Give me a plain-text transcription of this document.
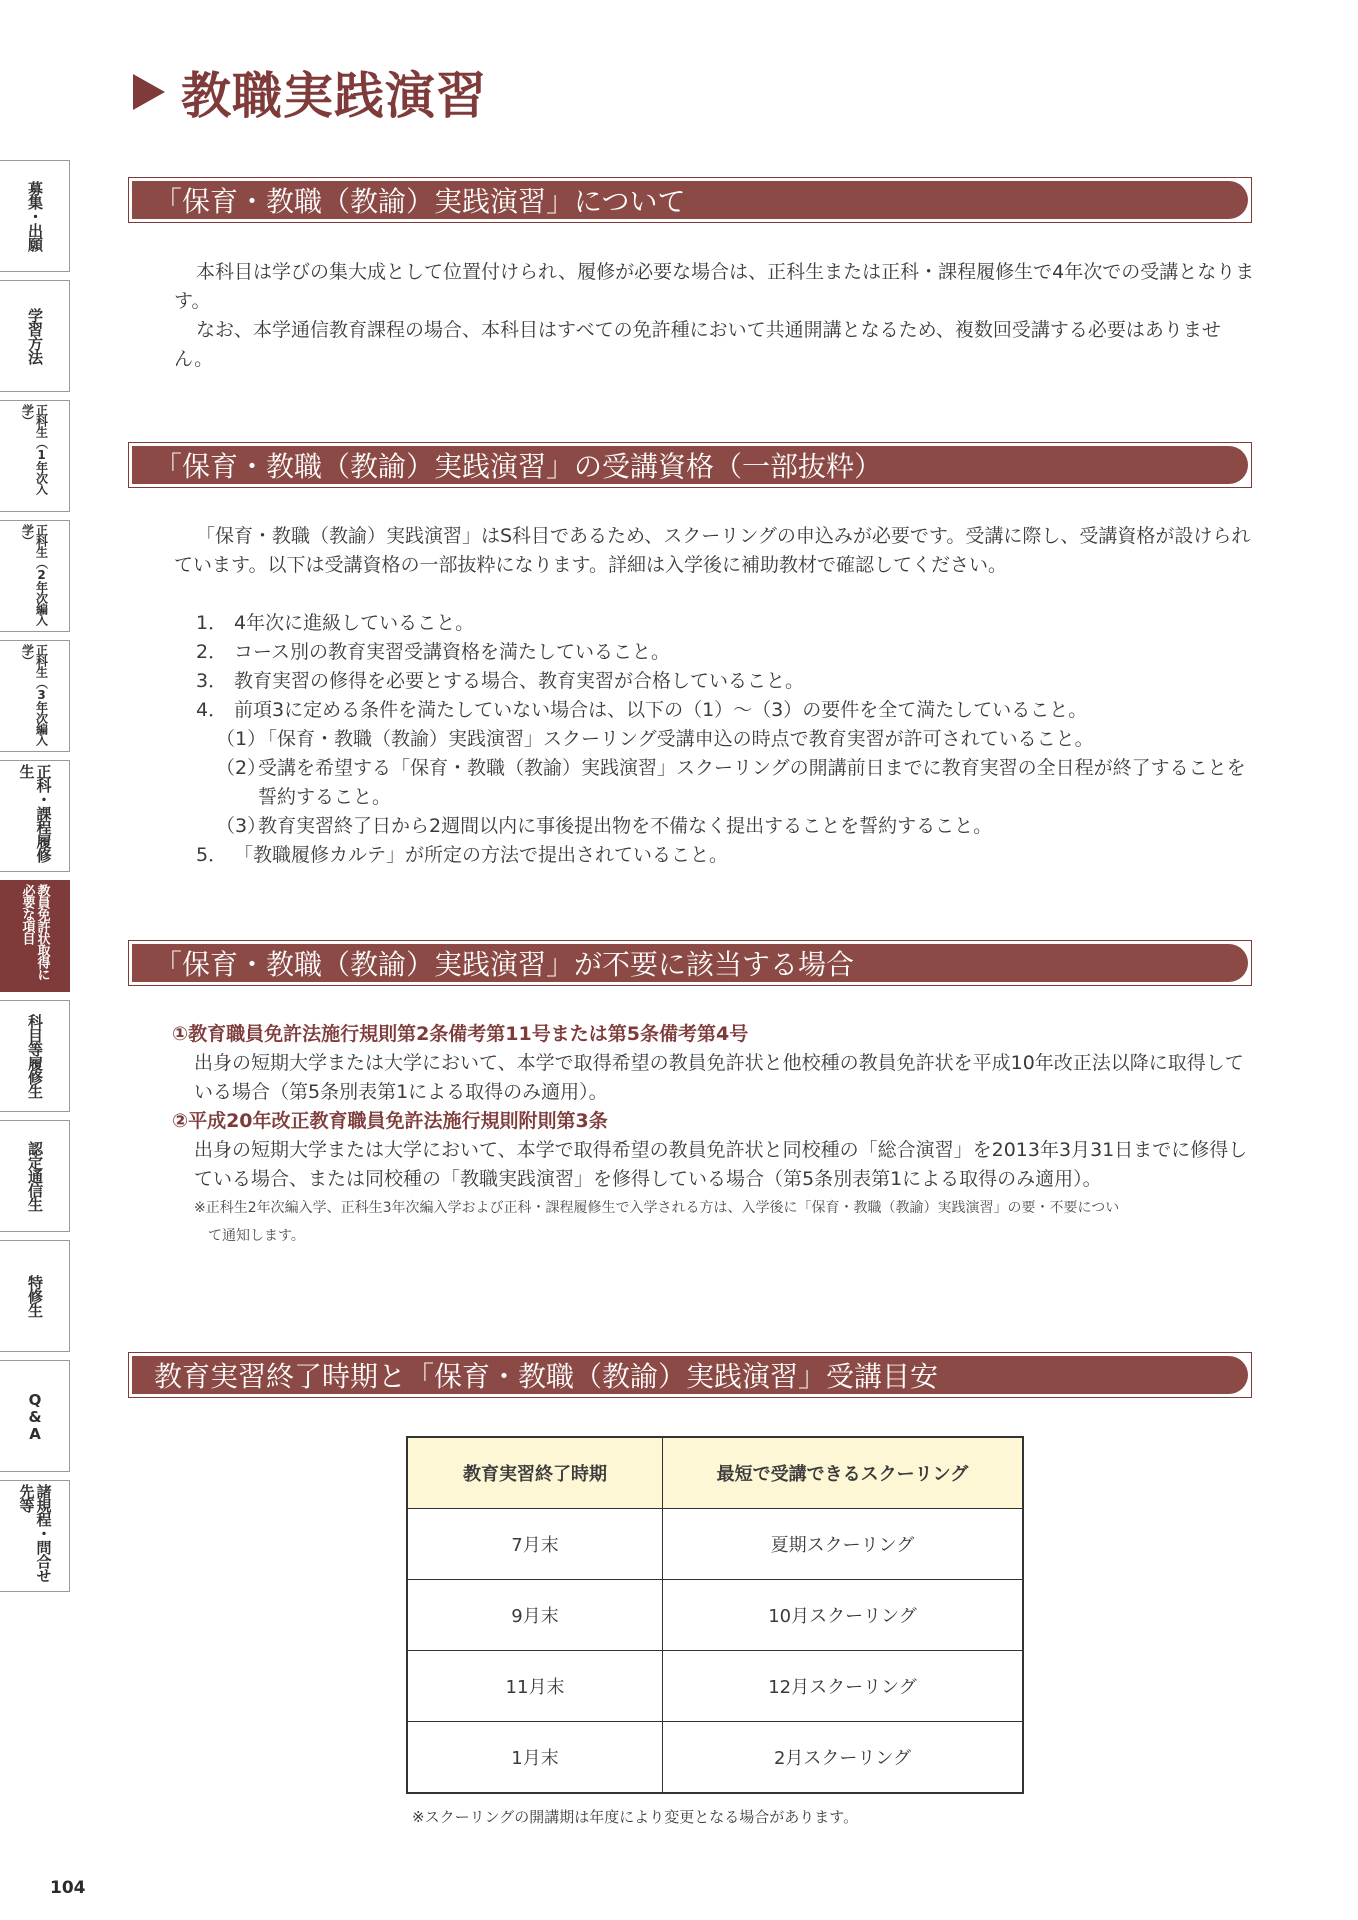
教職実践演習
募集・出願
学習方法
正科生（1年次入学）
正科生（2年次編入学）
正科生（3年次編入学）
正科・課程履修生
教員免許状取得に必要な項目
科目等履修生
認定通信生
特修生
Q&A
諸規程・問合せ先等
「保育・教職（教諭）実践演習」について

本科目は学びの集大成として位置付けられ、履修が必要な場合は、正科生または正科・課程履修生で4年次での受講となります。

なお、本学通信教育課程の場合、本科目はすべての免許種において共通開講となるため、複数回受講する必要はありません。

「保育・教職（教諭）実践演習」の受講資格（一部抜粋）

「保育・教職（教諭）実践演習」はS科目であるため、スクーリングの申込みが必要です。受講に際し、受講資格が設けられています。以下は受講資格の一部抜粋になります。詳細は入学後に補助教材で確認してください。

1． 4年次に進級していること。
2． コース別の教育実習受講資格を満たしていること。
3． 教育実習の修得を必要とする場合、教育実習が合格していること。
4． 前項3に定める条件を満たしていない場合は、以下の（1）〜（3）の要件を全て満たしていること。
（1）
「保育・教職（教諭）実践演習」スクーリング受講申込の時点で教育実習が許可されていること。
（2）
受講を希望する「保育・教職（教諭）実践演習」スクーリングの開講前日までに教育実習の全日程が終了することを誓約すること。
（3）
教育実習終了日から2週間以内に事後提出物を不備なく提出することを誓約すること。
5． 「教職履修カルテ」が所定の方法で提出されていること。
「保育・教職（教諭）実践演習」が不要に該当する場合
①教育職員免許法施行規則第2条備考第11号または第5条備考第4号
出身の短期大学または大学において、本学で取得希望の教員免許状と他校種の教員免許状を平成10年改正法以降に取得している場合（第5条別表第1による取得のみ適用）。
②平成20年改正教育職員免許法施行規則附則第3条
出身の短期大学または大学において、本学で取得希望の教員免許状と同校種の「総合演習」を2013年3月31日までに修得している場合、または同校種の「教職実践演習」を修得している場合（第5条別表第1による取得のみ適用）。
※正科生2年次編入学、正科生3年次編入学および正科・課程履修生で入学される方は、入学後に「保育・教職（教諭）実践演習」の要・不要につい
て通知します。
教育実習終了時期と「保育・教職（教諭）実践演習」受講目安
教育実習終了時期	最短で受講できるスクーリング
7月末	夏期スクーリング
9月末	10月スクーリング
11月末	12月スクーリング
1月末	2月スクーリング
※スクーリングの開講期は年度により変更となる場合があります。
104
